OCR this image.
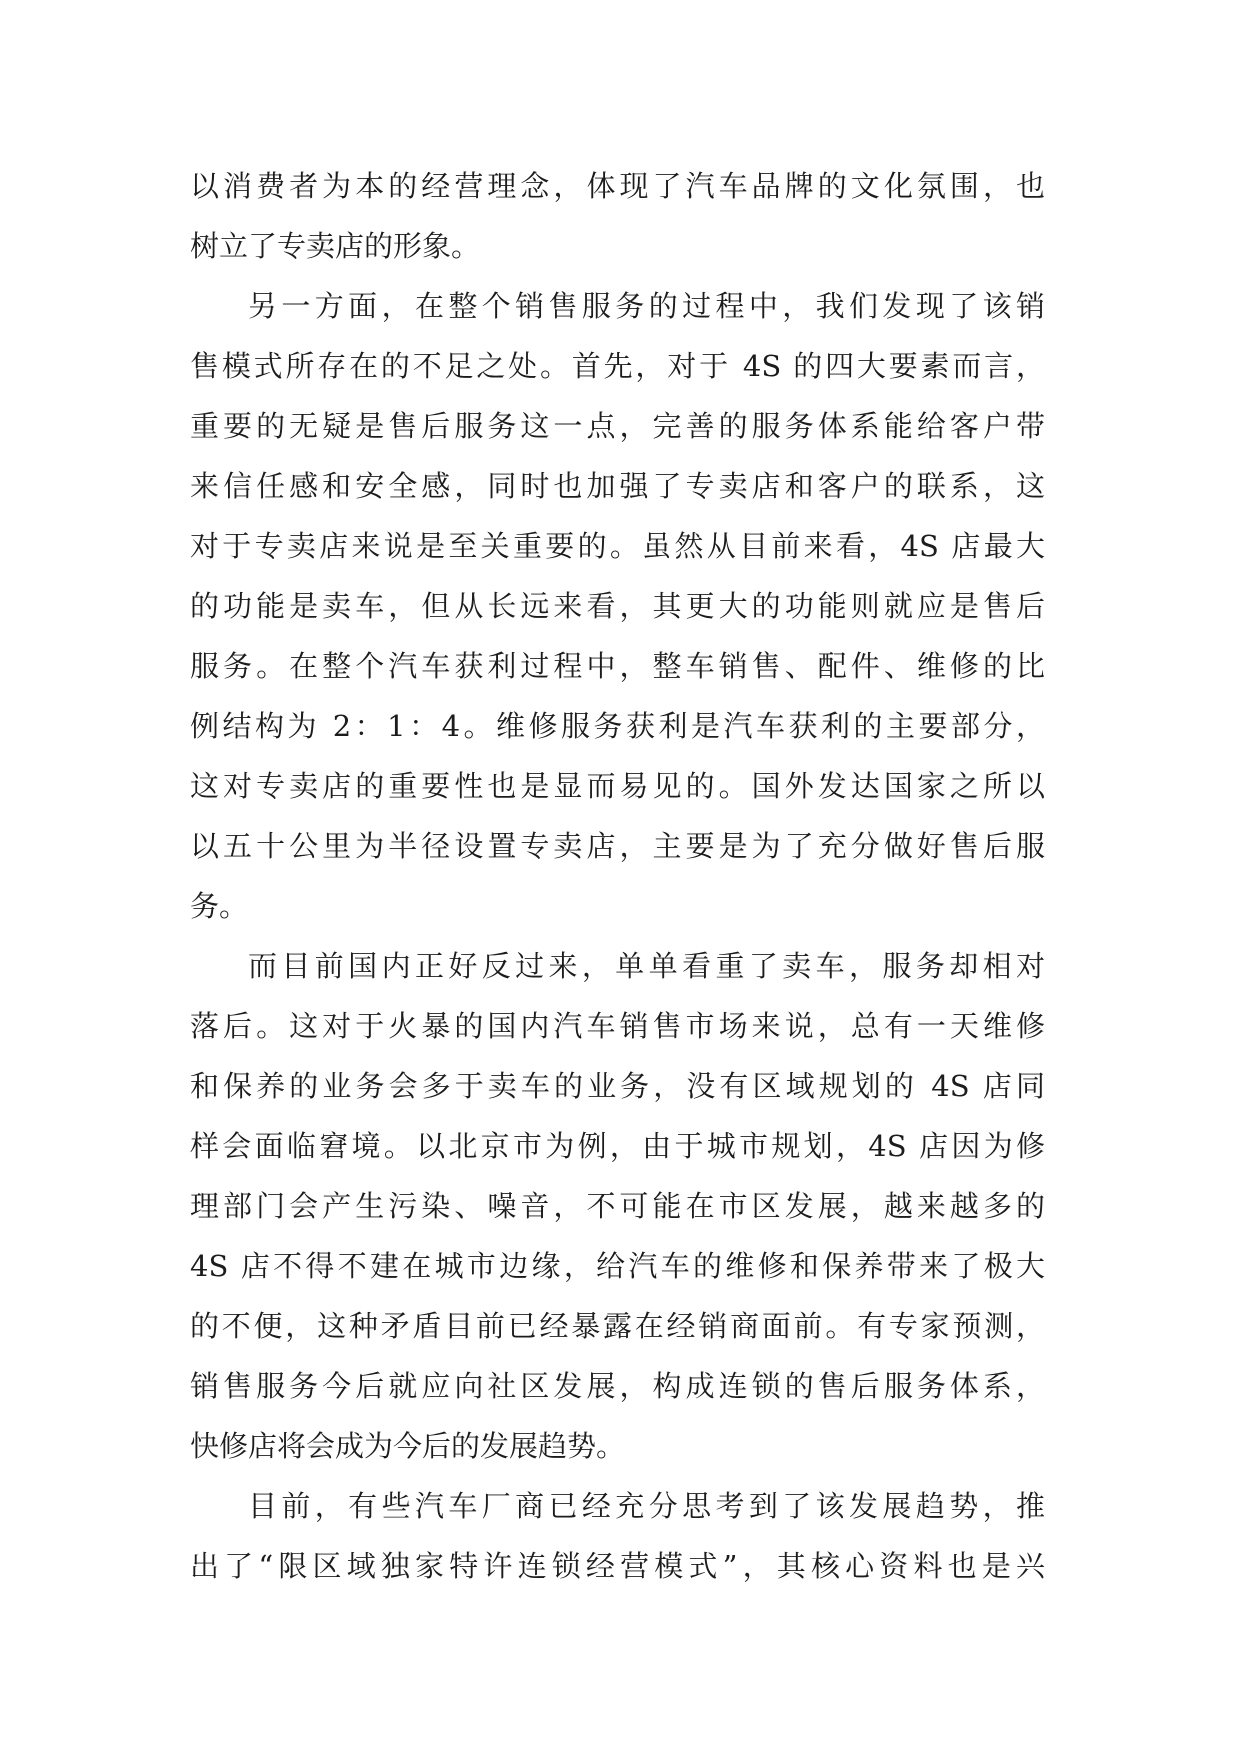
以消费者为本的经营理念，体现了汽车品牌的文化氛围，也
树立了专卖店的形象。
另一方面，在整个销售服务的过程中，我们发现了该销
售模式所存在的不足之处。首先，对于 4S 的四大要素而言，
重要的无疑是售后服务这一点，完善的服务体系能给客户带
来信任感和安全感，同时也加强了专卖店和客户的联系，这
对于专卖店来说是至关重要的。虽然从目前来看，4S 店最大
的功能是卖车，但从长远来看，其更大的功能则就应是售后
服务。在整个汽车获利过程中，整车销售、配件、维修的比
例结构为 2：1：4。维修服务获利是汽车获利的主要部分，
这对专卖店的重要性也是显而易见的。国外发达国家之所以
以五十公里为半径设置专卖店，主要是为了充分做好售后服
务。
而目前国内正好反过来，单单看重了卖车，服务却相对
落后。这对于火暴的国内汽车销售市场来说，总有一天维修
和保养的业务会多于卖车的业务，没有区域规划的 4S 店同
样会面临窘境。以北京市为例，由于城市规划，4S 店因为修
理部门会产生污染、噪音，不可能在市区发展，越来越多的
4S 店不得不建在城市边缘，给汽车的维修和保养带来了极大
的不便，这种矛盾目前已经暴露在经销商面前。有专家预测，
销售服务今后就应向社区发展，构成连锁的售后服务体系，
快修店将会成为今后的发展趋势。
目前，有些汽车厂商已经充分思考到了该发展趋势，推
出了“限区域独家特许连锁经营模式”，其核心资料也是兴
